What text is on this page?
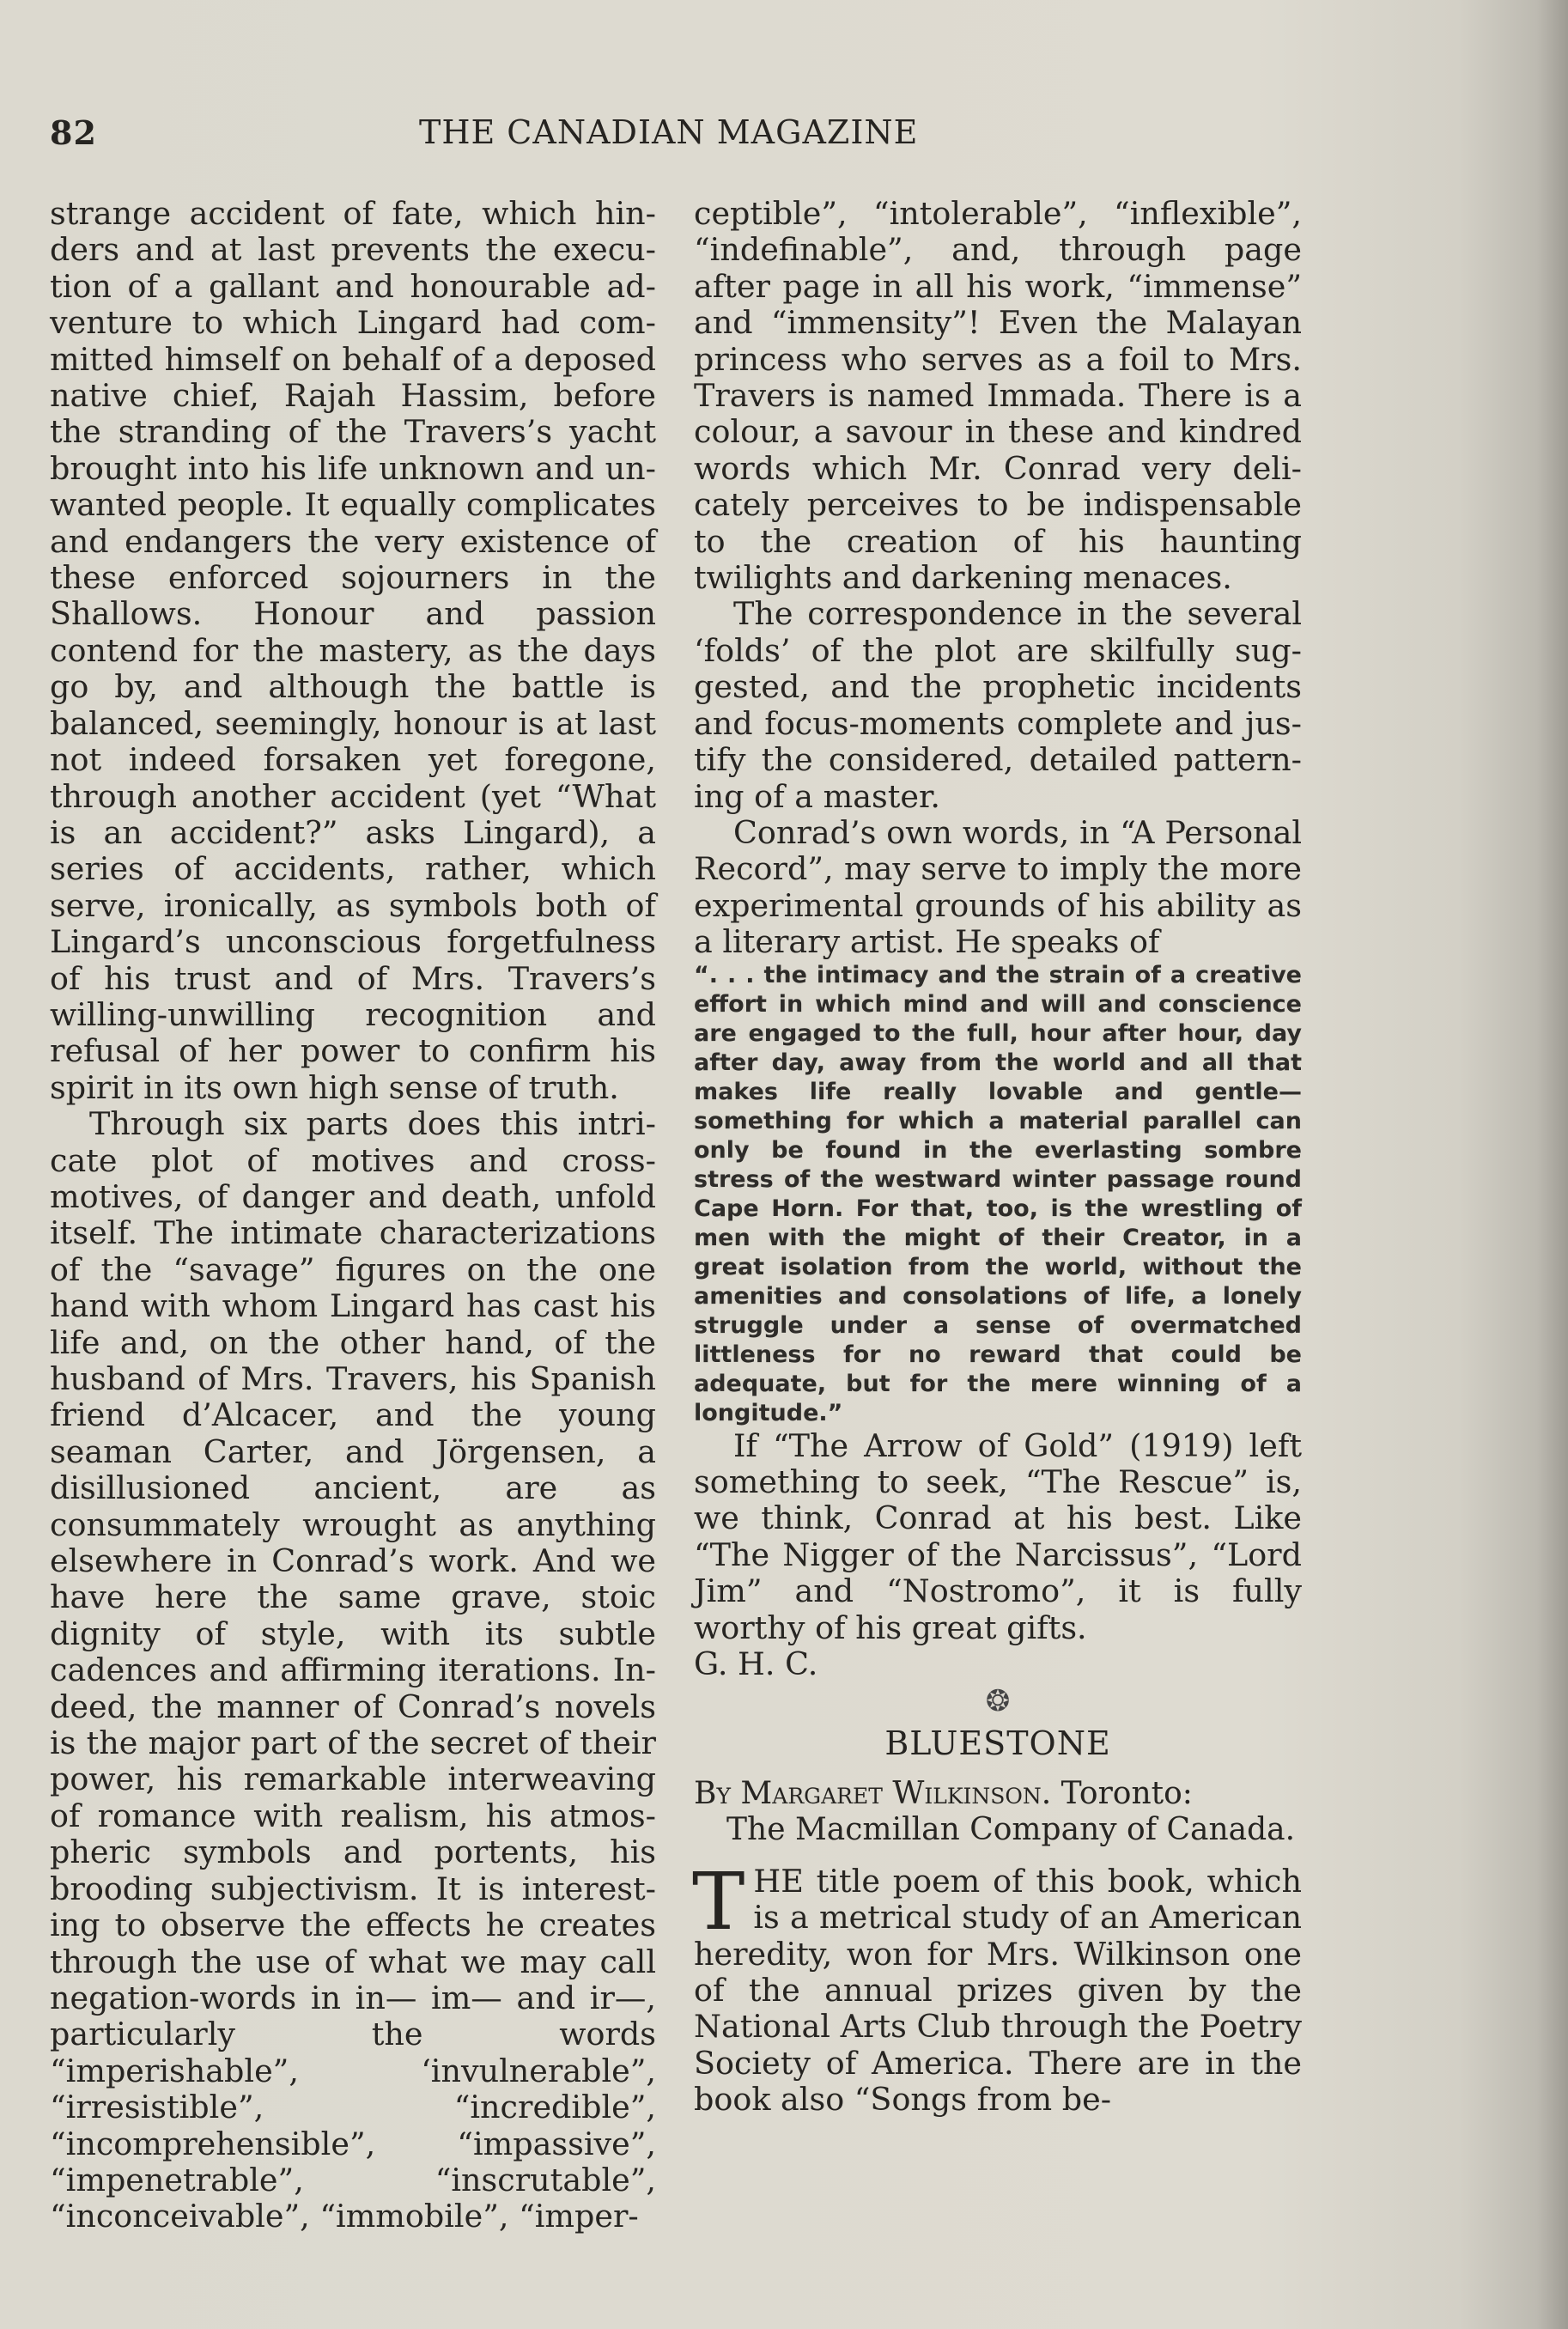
82	THE CANADIAN MAGAZINE

strange accident of fate, which hinders and at last prevents the execution of a gallant and honourable adventure to which Lingard had committed himself on behalf of a deposed native chief, Rajah Hassim, before the stranding of the Travers’s yacht brought into his life unknown and unwanted people. It equally complicates and endangers the very existence of these enforced sojourners in the Shallows. Honour and passion contend for the mastery, as the days go by, and although the battle is balanced, seemingly, honour is at last not indeed forsaken yet foregone, through another accident (yet “What is an accident?” asks Lingard), a series of accidents, rather, which serve, ironically, as symbols both of Lingard’s unconscious forgetfulness of his trust and of Mrs. Travers’s willing-unwilling recognition and refusal of her power to confirm his spirit in its own high sense of truth.

Through six parts does this intricate plot of motives and cross-motives, of danger and death, unfold itself. The intimate characterizations of the “savage” figures on the one hand with whom Lingard has cast his life and, on the other hand, of the husband of Mrs. Travers, his Spanish friend d’Alcacer, and the young seaman Carter, and Jörgensen, a disillusioned ancient, are as consummately wrought as anything elsewhere in Conrad’s work. And we have here the same grave, stoic dignity of style, with its subtle cadences and affirming iterations. Indeed, the manner of Conrad’s novels is the major part of the secret of their power, his remarkable interweaving of romance with realism, his atmospheric symbols and portents, his brooding subjectivism. It is interesting to observe the effects he creates through the use of what we may call negation-words in in— im— and ir—, particularly the words “imperishable”, ‘invulnerable”, “irresistible”, “incredible”, “incomprehensible”, “impassive”, “impenetrable”, “inscrutable”, “inconceivable”, “immobile”, “imper-

ceptible”, “intolerable”, “inflexible”, “indefinable”, and, through page after page in all his work, “immense” and “immensity”! Even the Malayan princess who serves as a foil to Mrs. Travers is named Immada. There is a colour, a savour in these and kindred words which Mr. Conrad very delicately perceives to be indispensable to the creation of his haunting twilights and darkening menaces.

The correspondence in the several ‘folds’ of the plot are skilfully suggested, and the prophetic incidents and focus-moments complete and justify the considered, detailed patterning of a master.

Conrad’s own words, in “A Personal Record”, may serve to imply the more experimental grounds of his ability as a literary artist. He speaks of

“. . . the intimacy and the strain of a creative effort in which mind and will and conscience are engaged to the full, hour after hour, day after day, away from the world and all that makes life really lovable and gentle—something for which a material parallel can only be found in the everlasting sombre stress of the westward winter passage round Cape Horn. For that, too, is the wrestling of men with the might of their Creator, in a great isolation from the world, without the amenities and consolations of life, a lonely struggle under a sense of overmatched littleness for no reward that could be adequate, but for the mere winning of a longitude.”

If “The Arrow of Gold” (1919) left something to seek, “The Rescue” is, we think, Conrad at his best. Like “The Nigger of the Narcissus”, “Lord Jim” and “Nostromo”, it is fully worthy of his great gifts.

G. H. C.

❂
BLUESTONE
By Margaret Wilkinson. Toronto:
The Macmillan Company of Canada.

THE title poem of this book, which is a metrical study of an American heredity, won for Mrs. Wilkinson one of the annual prizes given by the National Arts Club through the Poetry Society of America. There are in the book also “Songs from be-
